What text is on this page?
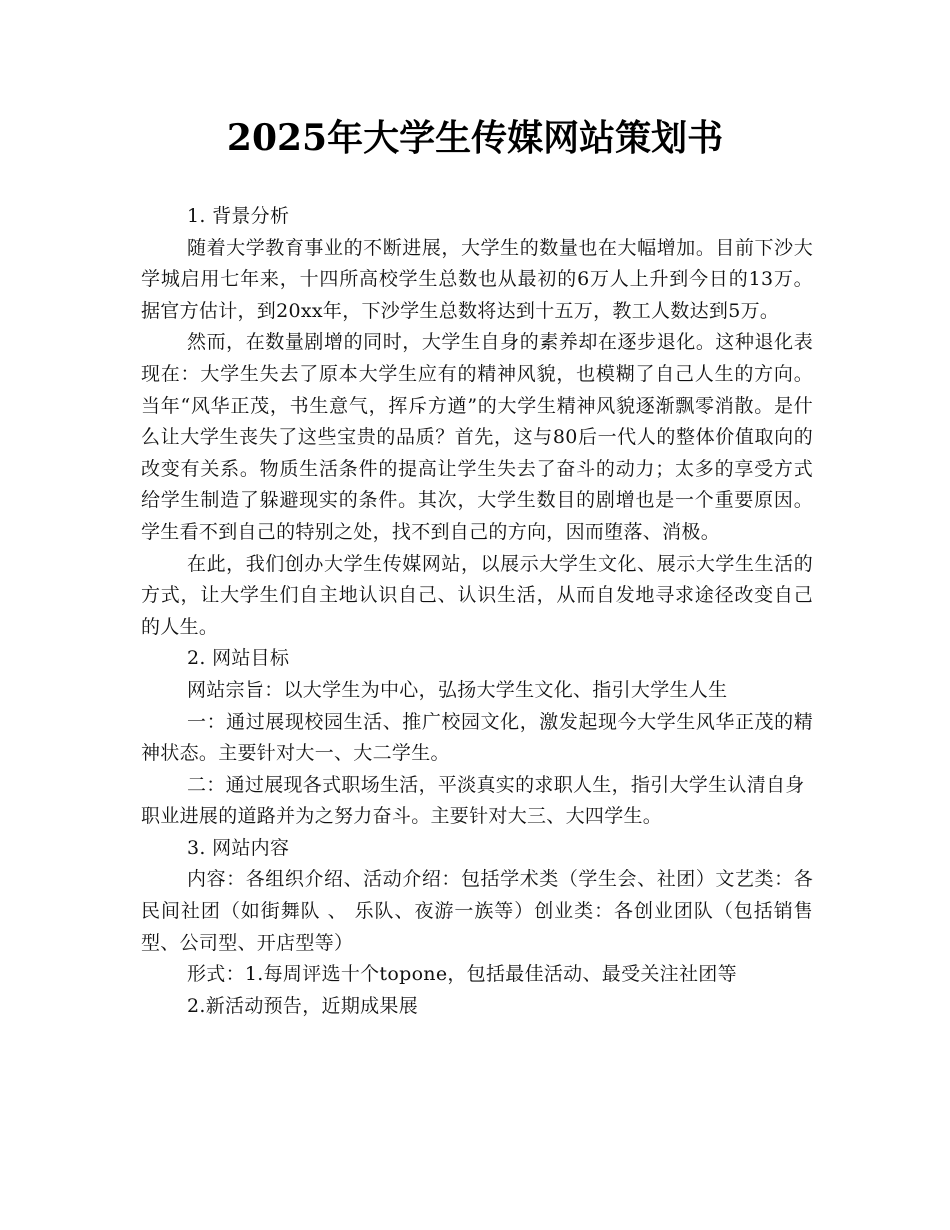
2025年大学生传媒网站策划书

1. 背景分析

随着大学教育事业的不断进展，大学生的数量也在大幅增加。目前下沙大学城启用七年来，十四所高校学生总数也从最初的6万人上升到今日的13万。据官方估计，到20xx年，下沙学生总数将达到十五万，教工人数达到5万。

然而，在数量剧增的同时，大学生自身的素养却在逐步退化。这种退化表现在：大学生失去了原本大学生应有的精神风貌，也模糊了自己人生的方向。 当年“风华正茂，书生意气，挥斥方遒”的大学生精神风貌逐渐飘零消散。是什么让大学生丧失了这些宝贵的品质？首先，这与80后一代人的整体价值取向的改变有关系。物质生活条件的提高让学生失去了奋斗的动力；太多的享受方式给学生制造了躲避现实的条件。其次，大学生数目的剧增也是一个重要原因。学生看不到自己的特别之处，找不到自己的方向，因而堕落、消极。

在此，我们创办大学生传媒网站，以展示大学生文化、展示大学生生活的方式，让大学生们自主地认识自己、认识生活，从而自发地寻求途径改变自己的人生。

2. 网站目标

网站宗旨：以大学生为中心，弘扬大学生文化、指引大学生人生

一：通过展现校园生活、推广校园文化，激发起现今大学生风华正茂的精神状态。主要针对大一、大二学生。

二：通过展现各式职场生活，平淡真实的求职人生，指引大学生认清自身职业进展的道路并为之努力奋斗。主要针对大三、大四学生。

3. 网站内容

内容：各组织介绍、活动介绍：包括学术类（学生会、社团）文艺类：各民间社团（如街舞队 、 乐队、夜游一族等）创业类：各创业团队（包括销售型、公司型、开店型等）

形式：1.每周评选十个topone，包括最佳活动、最受关注社团等

2.新活动预告，近期成果展
